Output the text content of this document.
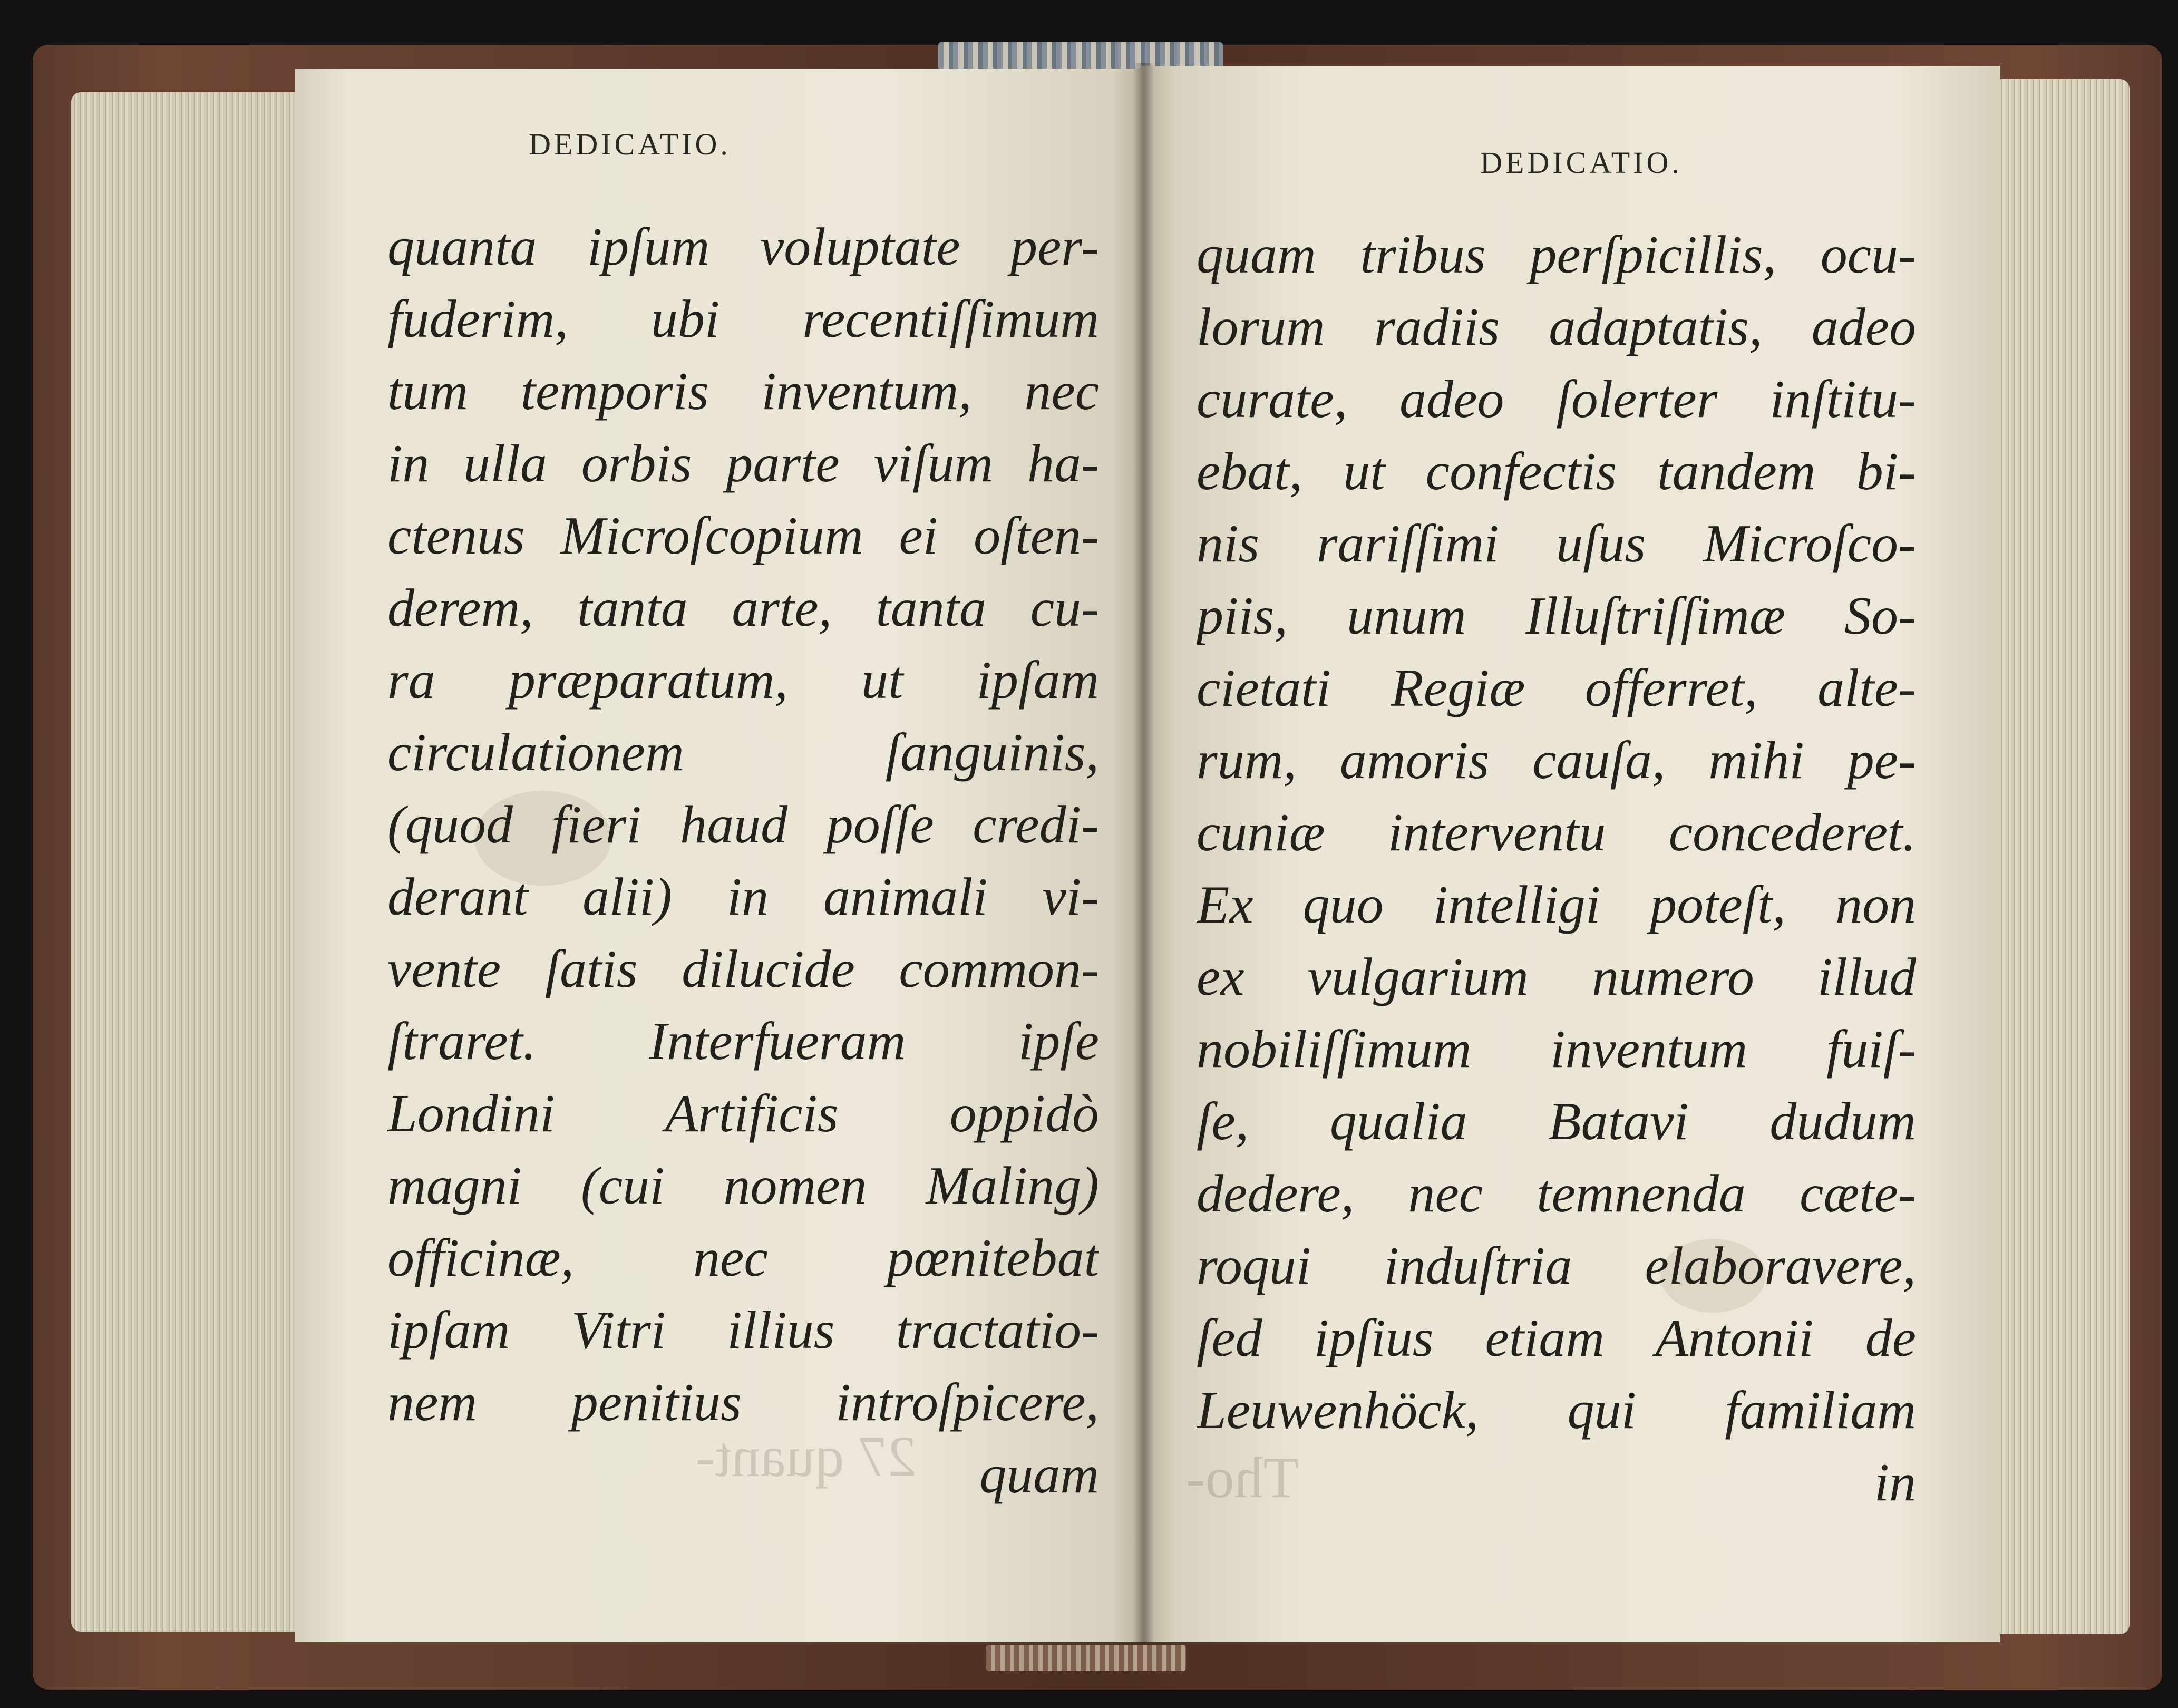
27 quant-	Tho-
DEDICATIO.
DEDICATIO.
quanta ipſum voluptate per-
fuderim, ubi recentiſſimum
tum temporis inventum, nec
in ulla orbis parte viſum ha-
ctenus Microſcopium ei oſten-
derem, tanta arte, tanta cu-
ra præparatum, ut ipſam
circulationem ſanguinis,
(quod fieri haud poſſe credi-
derant alii) in animali vi-
vente ſatis dilucide common-
ſtraret. Interfueram ipſe
Londini Artificis oppidò
magni (cui nomen Maling)
officinæ, nec pœnitebat
ipſam Vitri illius tractatio-
nem penitius introſpicere,
quam
quam tribus perſpicillis, ocu-
lorum radiis adaptatis, adeo
curate, adeo ſolerter inſtitu-
ebat, ut confectis tandem bi-
nis rariſſimi uſus Microſco-
piis, unum Illuſtriſſimæ So-
cietati Regiæ offerret, alte-
rum, amoris cauſa, mihi pe-
cuniæ interventu concederet.
Ex quo intelligi poteſt, non
ex vulgarium numero illud
nobiliſſimum inventum fuiſ-
ſe, qualia Batavi dudum
dedere, nec temnenda cæte-
roqui induſtria elaboravere,
ſed ipſius etiam Antonii de
Leuwenhöck, qui familiam
in
